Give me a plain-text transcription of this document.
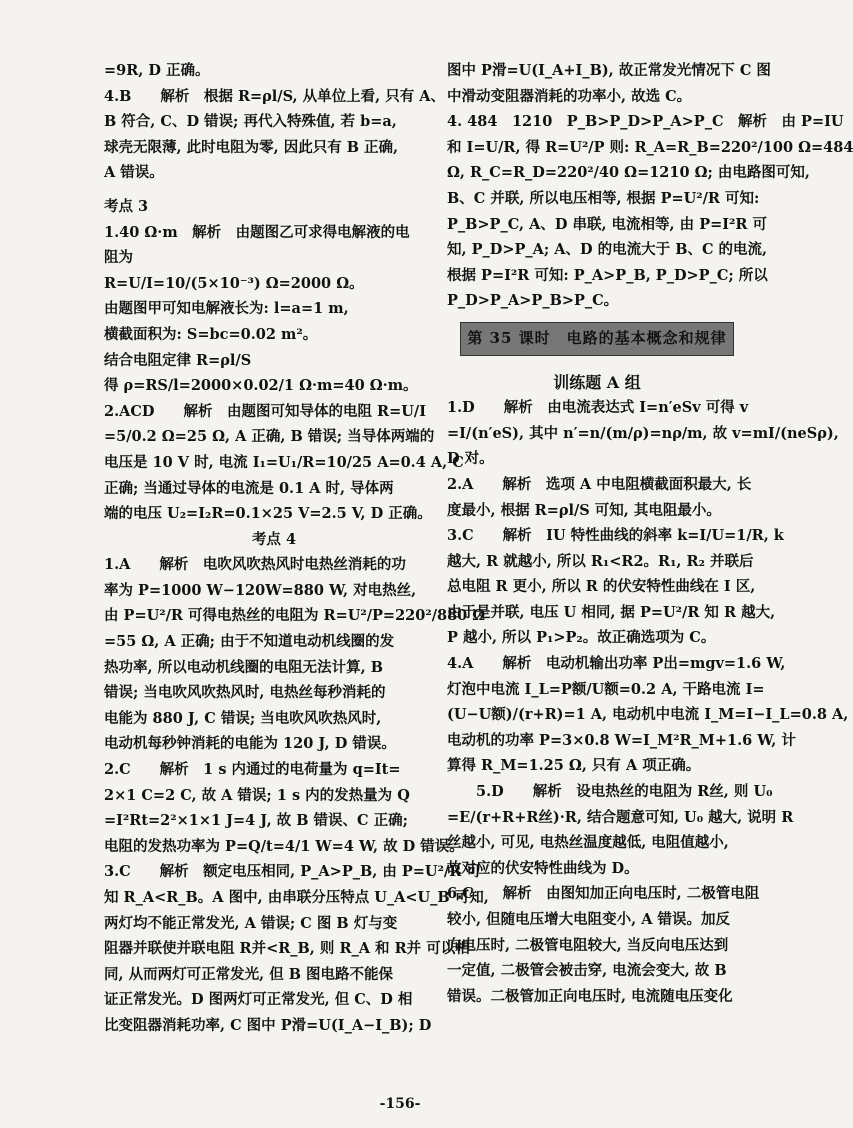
=9R, D 正确。

4.B　　解析　根据 R=ρl/S, 从单位上看, 只有 A、

B 符合, C、D 错误; 再代入特殊值, 若 b=a,

球壳无限薄, 此时电阻为零, 因此只有 B 正确,

A 错误。

考点 3

1.40 Ω·m　解析　由题图乙可求得电解液的电

阻为

R=U/I=10/(5×10⁻³) Ω=2000 Ω。

由题图甲可知电解液长为: l=a=1 m,

横截面积为: S=bc=0.02 m²。

结合电阻定律 R=ρl/S

得 ρ=RS/l=2000×0.02/1 Ω·m=40 Ω·m。

2.ACD　　解析　由题图可知导体的电阻 R=U/I

=5/0.2 Ω=25 Ω, A 正确, B 错误; 当导体两端的

电压是 10 V 时, 电流 I₁=U₁/R=10/25 A=0.4 A, C

正确; 当通过导体的电流是 0.1 A 时, 导体两

端的电压 U₂=I₂R=0.1×25 V=2.5 V, D 正确。

考点 4

1.A　　解析　电吹风吹热风时电热丝消耗的功

率为 P=1000 W−120W=880 W, 对电热丝,

由 P=U²/R 可得电热丝的电阻为 R=U²/P=220²/880 Ω

=55 Ω, A 正确; 由于不知道电动机线圈的发

热功率, 所以电动机线圈的电阻无法计算, B

错误; 当电吹风吹热风时, 电热丝每秒消耗的

电能为 880 J, C 错误; 当电吹风吹热风时,

电动机每秒钟消耗的电能为 120 J, D 错误。

2.C　　解析　1 s 内通过的电荷量为 q=It=

2×1 C=2 C, 故 A 错误; 1 s 内的发热量为 Q

=I²Rt=2²×1×1 J=4 J, 故 B 错误、C 正确;

电阻的发热功率为 P=Q/t=4/1 W=4 W, 故 D 错误。

3.C　　解析　额定电压相同, P_A>P_B, 由 P=U²/R 可

知 R_A<R_B。A 图中, 由串联分压特点 U_A<U_B 可知,

两灯均不能正常发光, A 错误; C 图 B 灯与变

阻器并联使并联电阻 R并<R_B, 则 R_A 和 R并 可以相

同, 从而两灯可正常发光, 但 B 图电路不能保

证正常发光。D 图两灯可正常发光, 但 C、D 相

比变阻器消耗功率, C 图中 P滑=U(I_A−I_B); D

图中 P滑=U(I_A+I_B), 故正常发光情况下 C 图

中滑动变阻器消耗的功率小, 故选 C。

4. 484　1210　P_B>P_D>P_A>P_C　解析　由 P=IU

和 I=U/R, 得 R=U²/P 则: R_A=R_B=220²/100 Ω=484

Ω, R_C=R_D=220²/40 Ω=1210 Ω; 由电路图可知,

B、C 并联, 所以电压相等, 根据 P=U²/R 可知:

P_B>P_C, A、D 串联, 电流相等, 由 P=I²R 可

知, P_D>P_A; A、D 的电流大于 B、C 的电流,

根据 P=I²R 可知: P_A>P_B, P_D>P_C; 所以

P_D>P_A>P_B>P_C。

第 35 课时　电路的基本概念和规律

训练题 A 组

1.D　　解析　由电流表达式 I=n′eSv 可得 v

=I/(n′eS), 其中 n′=n/(m/ρ)=nρ/m, 故 v=mI/(neSρ),

D 对。

2.A　　解析　选项 A 中电阻横截面积最大, 长

度最小, 根据 R=ρl/S 可知, 其电阻最小。

3.C　　解析　IU 特性曲线的斜率 k=I/U=1/R, k

越大, R 就越小, 所以 R₁<R2。R₁, R₂ 并联后

总电阻 R 更小, 所以 R 的伏安特性曲线在 I 区,

由于是并联, 电压 U 相同, 据 P=U²/R 知 R 越大,

P 越小, 所以 P₁>P₂。故正确选项为 C。

4.A　　解析　电动机输出功率 P出=mgv=1.6 W,

灯泡中电流 I_L=P额/U额=0.2 A, 干路电流 I=

(U−U额)/(r+R)=1 A, 电动机中电流 I_M=I−I_L=0.8 A,

电动机的功率 P=3×0.8 W=I_M²R_M+1.6 W, 计

算得 R_M=1.25 Ω, 只有 A 项正确。

　　5.D　　解析　设电热丝的电阻为 R丝, 则 U₀

=E/(r+R+R丝)·R, 结合题意可知, U₀ 越大, 说明 R

丝越小, 可见, 电热丝温度越低, 电阻值越小,

故对应的伏安特性曲线为 D。

6.C　　解析　由图知加正向电压时, 二极管电阻

较小, 但随电压增大电阻变小, A 错误。加反

向电压时, 二极管电阻较大, 当反向电压达到

一定值, 二极管会被击穿, 电流会变大, 故 B

错误。二极管加正向电压时, 电流随电压变化

-156-
